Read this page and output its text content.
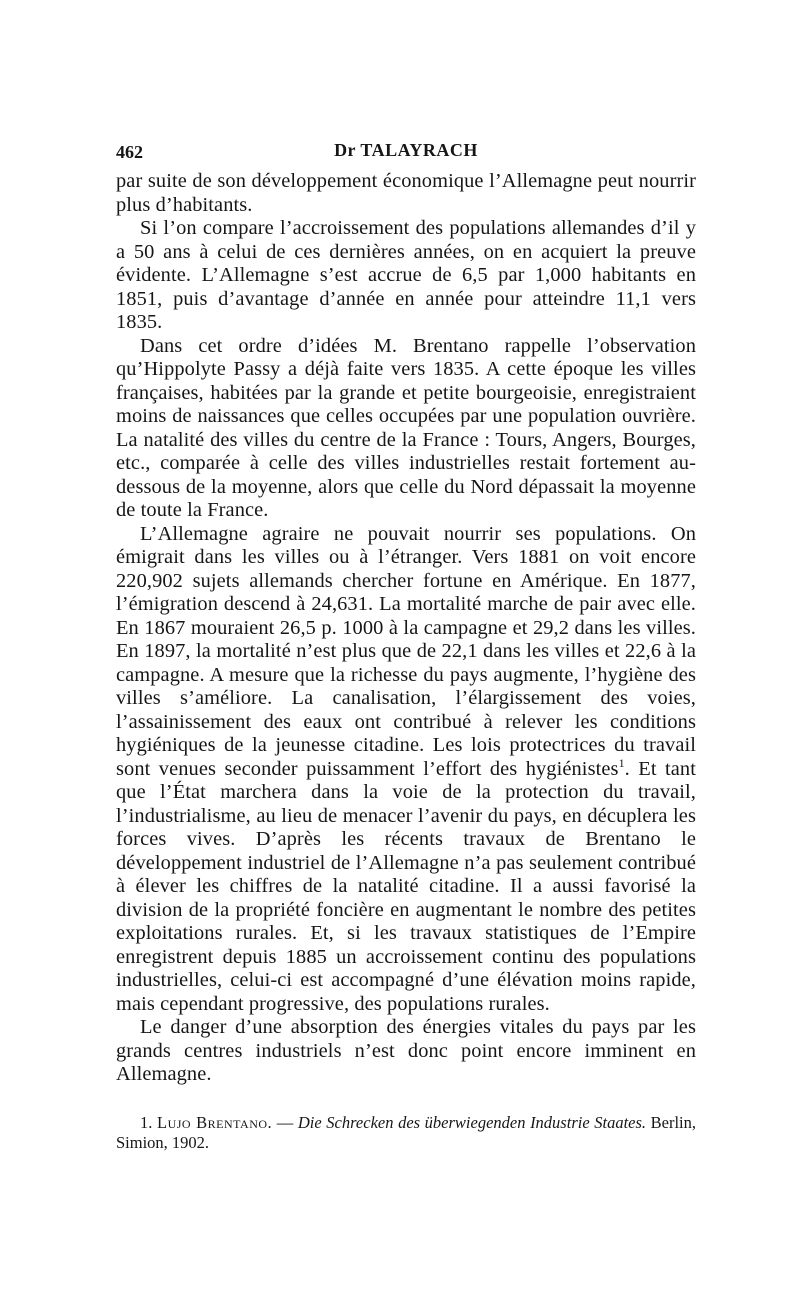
462	Dr TALAYRACH

par suite de son développement économique l’Allemagne peut nourrir plus d’habitants.

Si l’on compare l’accroissement des populations allemandes d’il y a 50 ans à celui de ces dernières années, on en acquiert la preuve évidente. L’Allemagne s’est accrue de 6,5 par 1,000 habitants en 1851, puis d’avantage d’année en année pour atteindre 11,1 vers 1835.

Dans cet ordre d’idées M. Brentano rappelle l’observation qu’Hippolyte Passy a déjà faite vers 1835. A cette époque les villes françaises, habitées par la grande et petite bourgeoisie, enregistraient moins de naissances que celles occupées par une population ouvrière. La natalité des villes du centre de la France : Tours, Angers, Bourges, etc., comparée à celle des villes industrielles restait fortement au-dessous de la moyenne, alors que celle du Nord dépassait la moyenne de toute la France.

L’Allemagne agraire ne pouvait nourrir ses populations. On émigrait dans les villes ou à l’étranger. Vers 1881 on voit encore 220,902 sujets allemands chercher fortune en Amérique. En 1877, l’émigration descend à 24,631. La mortalité marche de pair avec elle. En 1867 mouraient 26,5 p. 1000 à la campagne et 29,2 dans les villes. En 1897, la mortalité n’est plus que de 22,1 dans les villes et 22,6 à la campagne. A mesure que la richesse du pays augmente, l’hygiène des villes s’améliore. La canalisation, l’élargissement des voies, l’assainissement des eaux ont contribué à relever les conditions hygiéniques de la jeunesse citadine. Les lois protectrices du travail sont venues seconder puissamment l’effort des hygiénistes$^1$. Et tant que l’État marchera dans la voie de la protection du travail, l’industrialisme, au lieu de menacer l’avenir du pays, en décuplera les forces vives. D’après les récents travaux de Brentano le développement industriel de l’Allemagne n’a pas seulement contribué à élever les chiffres de la natalité citadine. Il a aussi favorisé la division de la propriété foncière en augmentant le nombre des petites exploitations rurales. Et, si les travaux statistiques de l’Empire enregistrent depuis 1885 un accroissement continu des populations industrielles, celui-ci est accompagné d’une élévation moins rapide, mais cependant progressive, des populations rurales.

Le danger d’une absorption des énergies vitales du pays par les grands centres industriels n’est donc point encore imminent en Allemagne.

1. Lujo Brentano. — Die Schrecken des überwiegenden Industrie Staates. Berlin, Simion, 1902.
